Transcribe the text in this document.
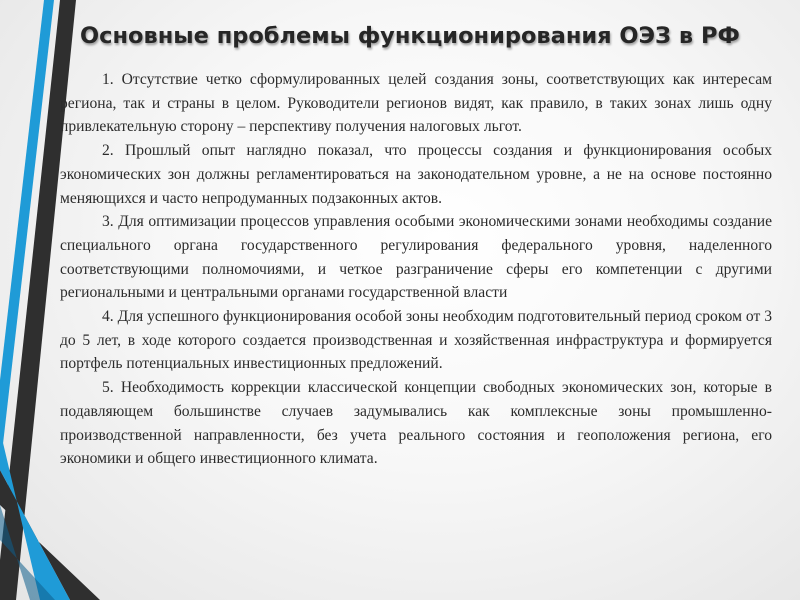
Основные проблемы функционирования ОЭЗ в РФ

1. Отсутствие четко сформулированных целей создания зоны, соответствующих как интересам региона, так и страны в целом. Руководители регионов видят, как правило, в таких зонах лишь одну привлекательную сторону – перспективу получения налоговых льгот.

2. Прошлый опыт наглядно показал, что процессы создания и функционирования особых экономических зон должны регламентироваться на законодательном уровне, а не на основе постоянно меняющихся и часто непродуманных подзаконных актов.

3. Для оптимизации процессов управления особыми экономическими зонами необходимы создание специального органа государственного регулирования федерального уровня, наделенного соответствующими полномочиями, и четкое разграничение сферы его компетенции с другими региональными и центральными органами государственной власти

4. Для успешного функционирования особой зоны необходим подготовительный период сроком от 3 до 5 лет, в ходе которого создается производственная и хозяйственная инфраструктура и формируется портфель потенциальных инвестиционных предложений.

5. Необходимость коррекции классической концепции свободных экономических зон, которые в подавляющем большинстве случаев задумывались как комплексные зоны промышленно-производственной направленности, без учета реального состояния и геоположения региона, его экономики и общего инвестиционного климата.
